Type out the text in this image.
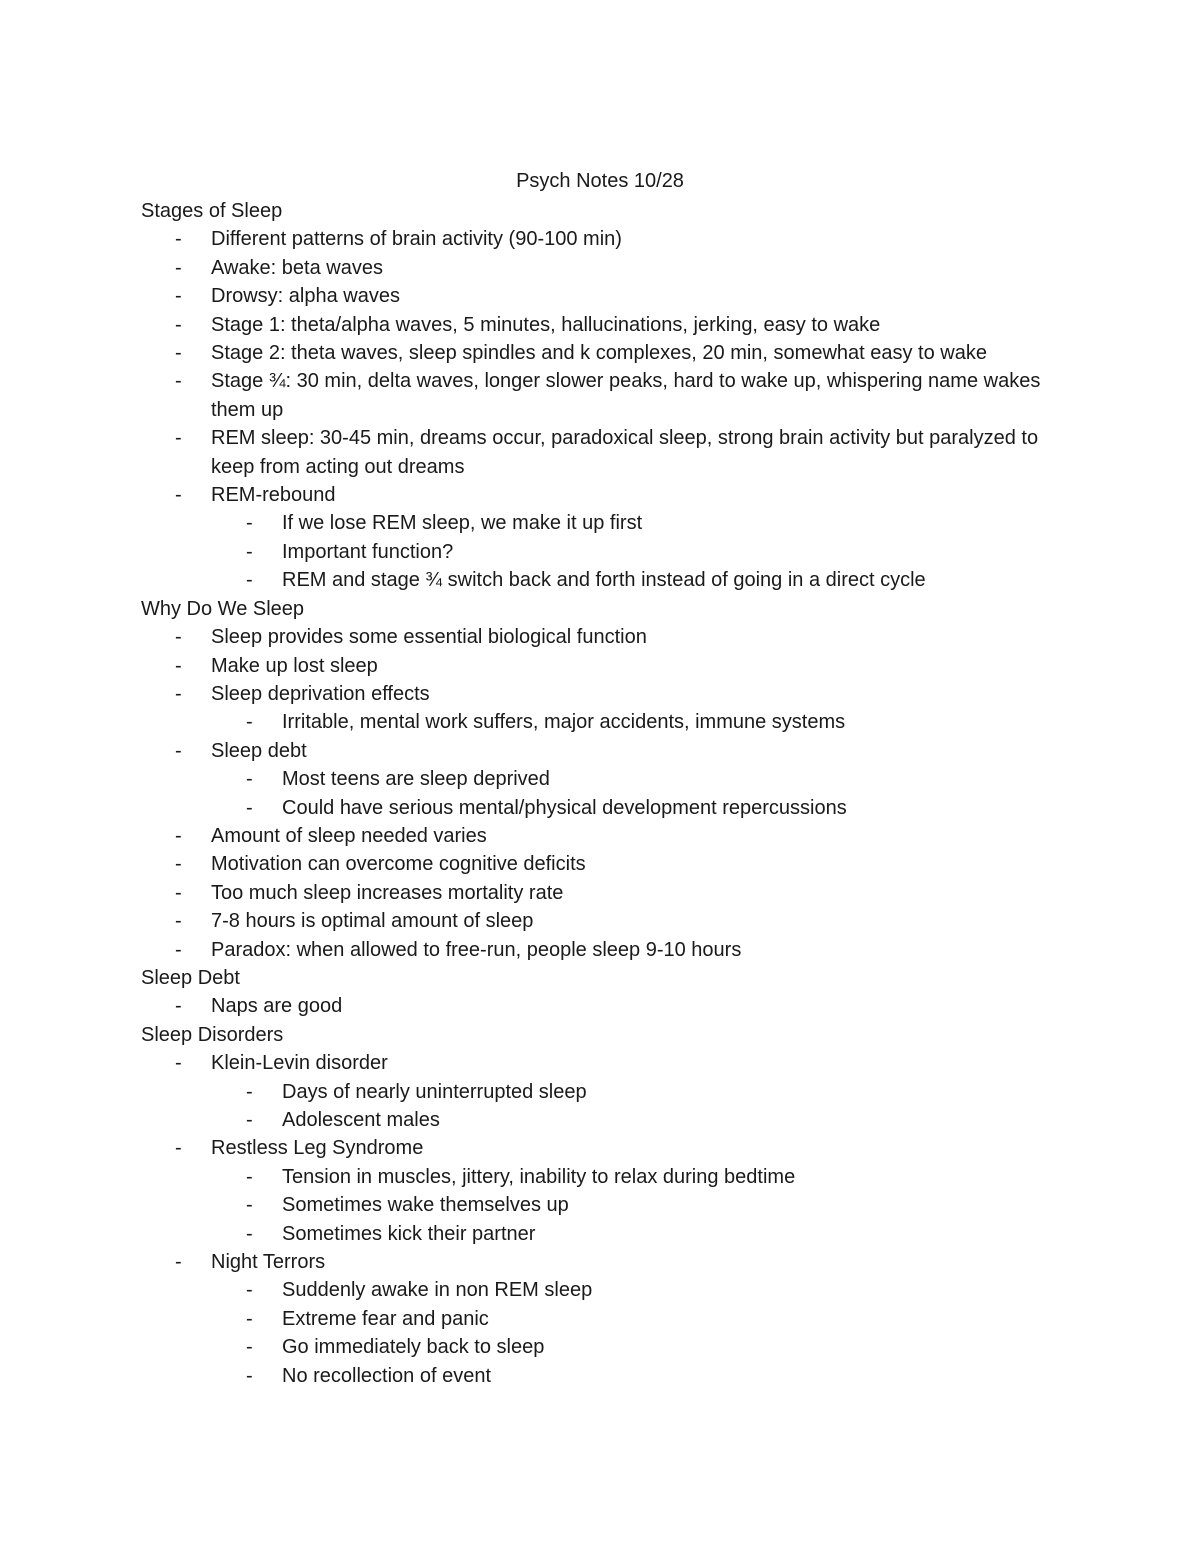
Psych Notes 10/28
Stages of Sleep
- Different patterns of brain activity (90-100 min)
- Awake: beta waves
- Drowsy: alpha waves
- Stage 1: theta/alpha waves, 5 minutes, hallucinations, jerking, easy to wake
- Stage 2: theta waves, sleep spindles and k complexes, 20 min, somewhat easy to wake
- Stage ¾: 30 min, delta waves, longer slower peaks, hard to wake up, whispering name wakes them up
- REM sleep: 30-45 min, dreams occur, paradoxical sleep, strong brain activity but paralyzed to keep from acting out dreams
- REM-rebound
- If we lose REM sleep, we make it up first
- Important function?
- REM and stage ¾ switch back and forth instead of going in a direct cycle
Why Do We Sleep
- Sleep provides some essential biological function
- Make up lost sleep
- Sleep deprivation effects
- Irritable, mental work suffers, major accidents, immune systems
- Sleep debt
- Most teens are sleep deprived
- Could have serious mental/physical development repercussions
- Amount of sleep needed varies
- Motivation can overcome cognitive deficits
- Too much sleep increases mortality rate
- 7-8 hours is optimal amount of sleep
- Paradox: when allowed to free-run, people sleep 9-10 hours
Sleep Debt
- Naps are good
Sleep Disorders
- Klein-Levin disorder
- Days of nearly uninterrupted sleep
- Adolescent males
- Restless Leg Syndrome
- Tension in muscles, jittery, inability to relax during bedtime
- Sometimes wake themselves up
- Sometimes kick their partner
- Night Terrors
- Suddenly awake in non REM sleep
- Extreme fear and panic
- Go immediately back to sleep
- No recollection of event
